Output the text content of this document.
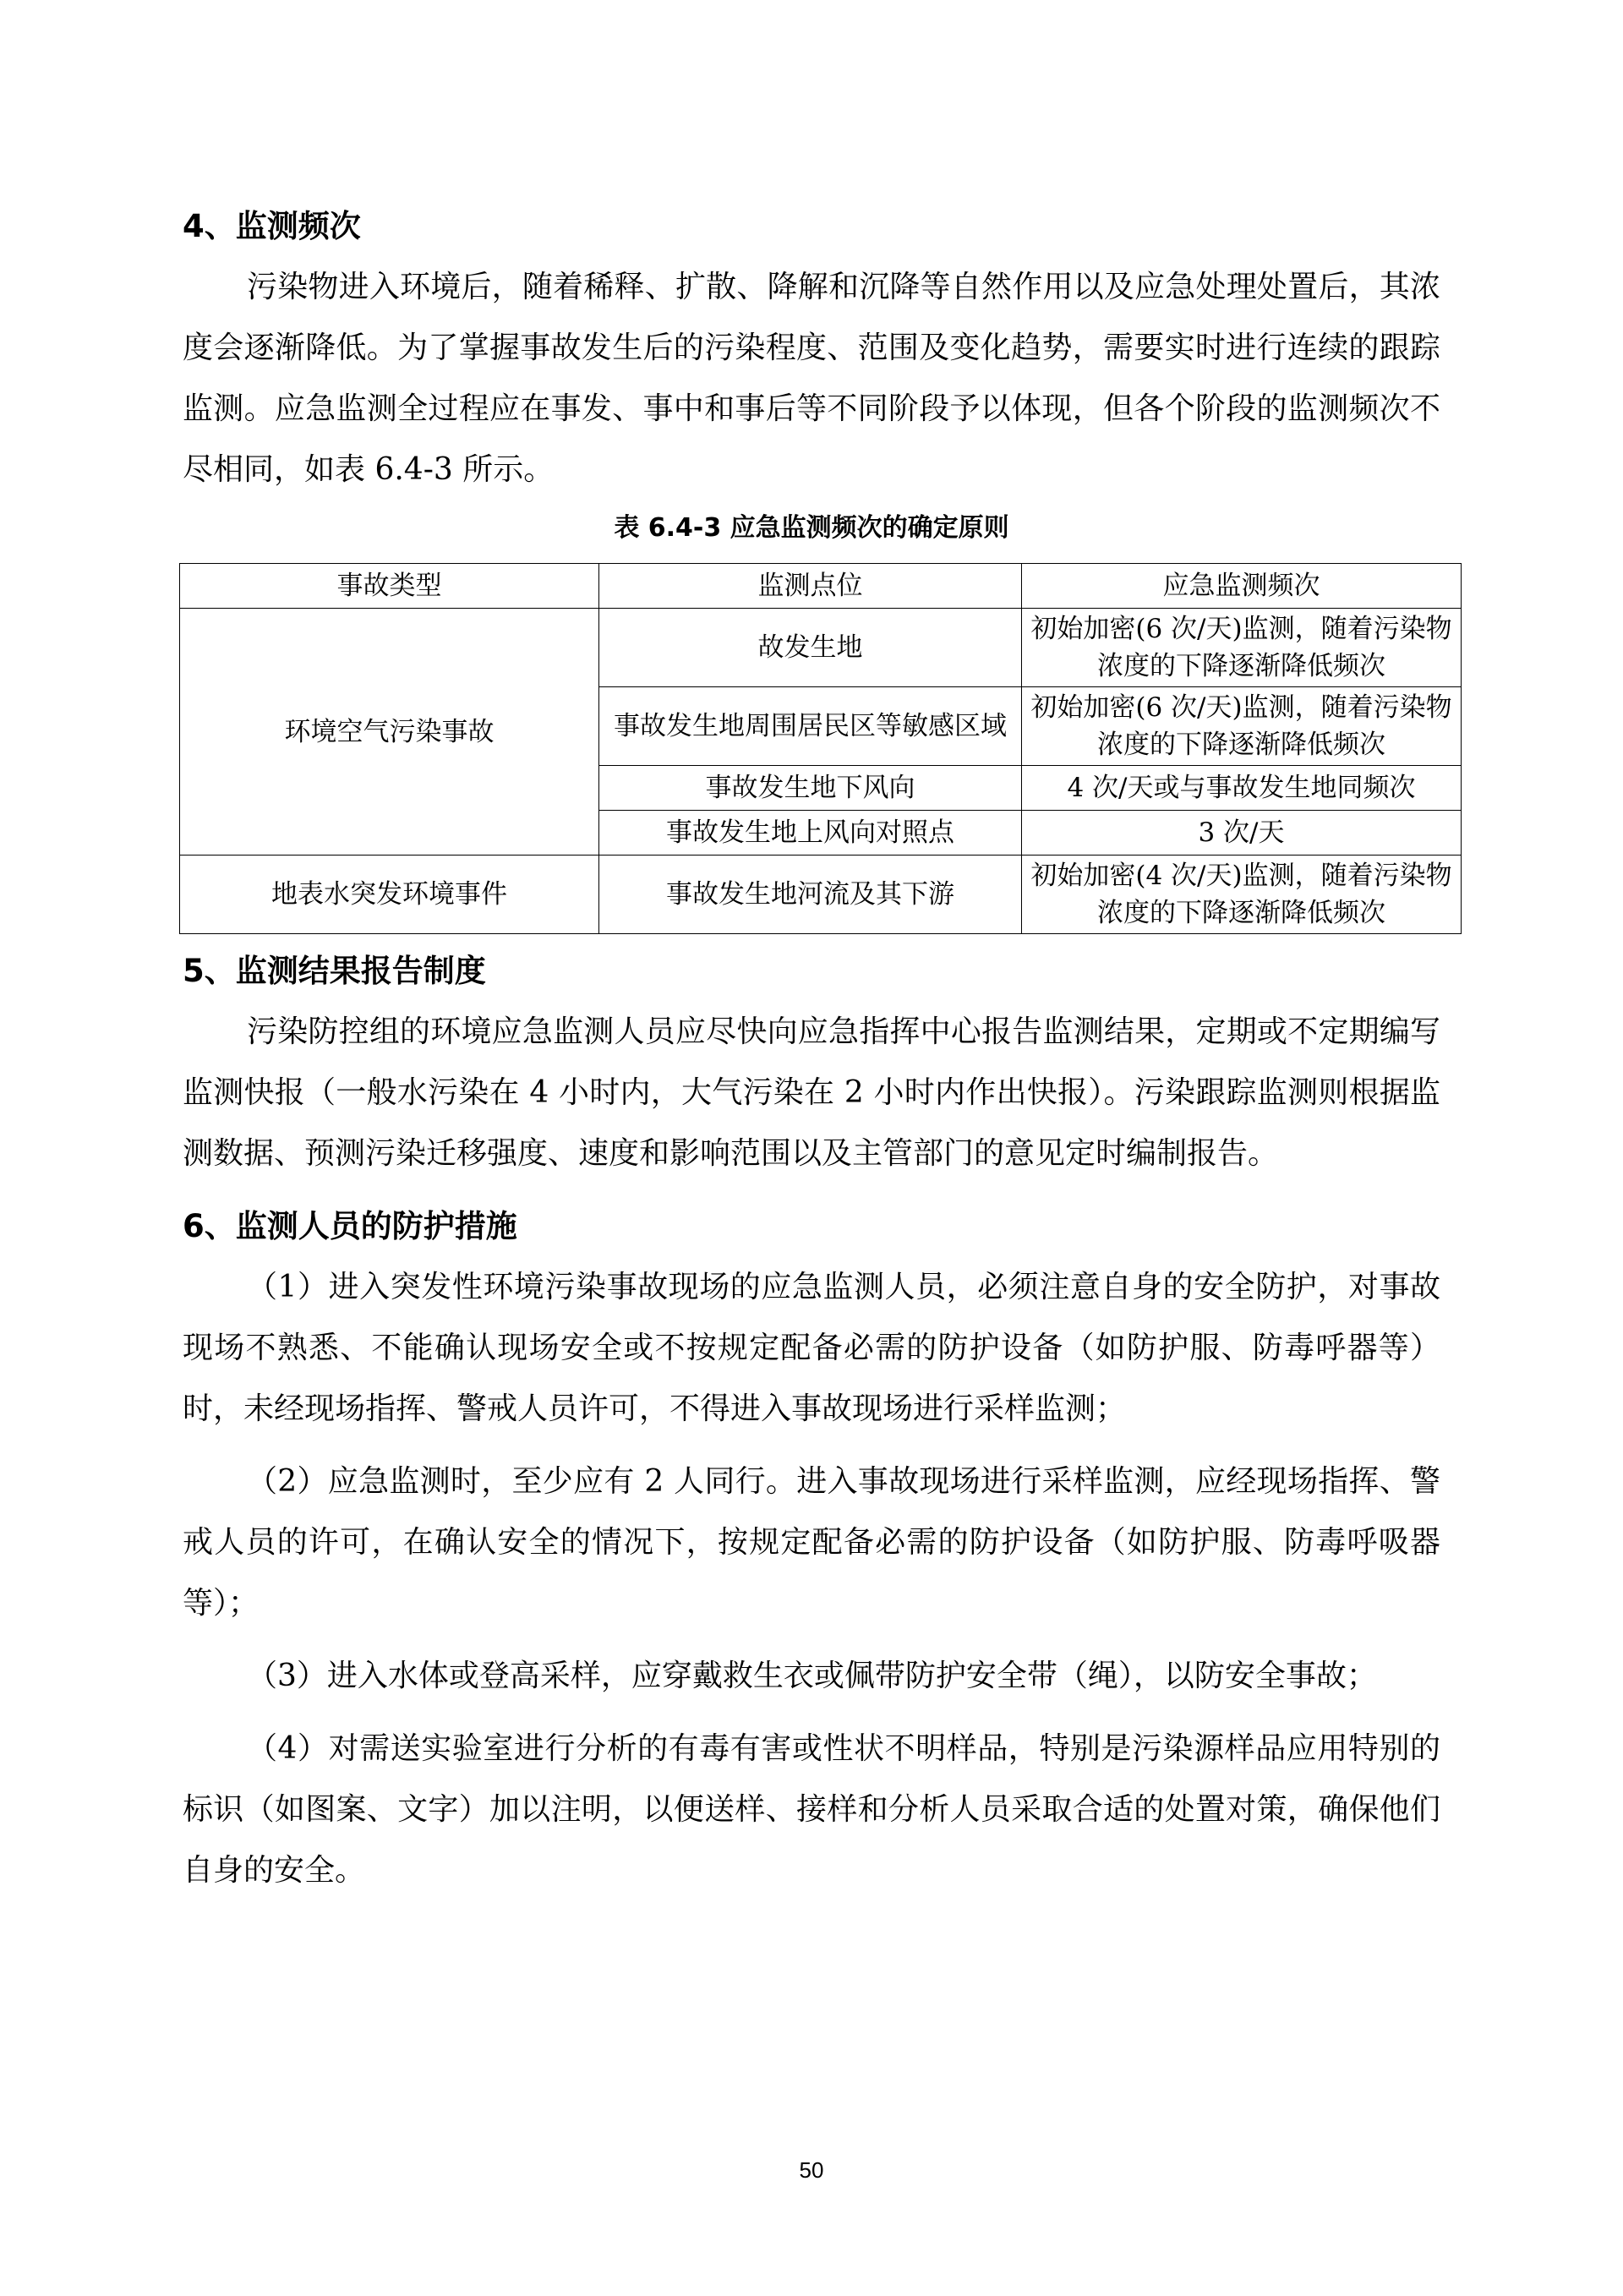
4、监测频次

污染物进入环境后，随着稀释、扩散、降解和沉降等自然作用以及应急处理处置后，其浓度会逐渐降低。为了掌握事故发生后的污染程度、范围及变化趋势，需要实时进行连续的跟踪监测。应急监测全过程应在事发、事中和事后等不同阶段予以体现，但各个阶段的监测频次不尽相同，如表 6.4-3 所示。

表 6.4-3 应急监测频次的确定原则
事故类型	监测点位	应急监测频次
环境空气污染事故	故发生地	初始加密(6 次/天)监测，随着污染物浓度的下降逐渐降低频次
	事故发生地周围居民区等敏感区域	初始加密(6 次/天)监测，随着污染物浓度的下降逐渐降低频次
	事故发生地下风向	4 次/天或与事故发生地同频次
	事故发生地上风向对照点	3 次/天
地表水突发环境事件	事故发生地河流及其下游	初始加密(4 次/天)监测，随着污染物浓度的下降逐渐降低频次
5、监测结果报告制度

污染防控组的环境应急监测人员应尽快向应急指挥中心报告监测结果，定期或不定期编写监测快报（一般水污染在 4 小时内，大气污染在 2 小时内作出快报）。污染跟踪监测则根据监测数据、预测污染迁移强度、速度和影响范围以及主管部门的意见定时编制报告。

6、监测人员的防护措施

（1）进入突发性环境污染事故现场的应急监测人员，必须注意自身的安全防护，对事故现场不熟悉、不能确认现场安全或不按规定配备必需的防护设备（如防护服、防毒呼器等）时，未经现场指挥、警戒人员许可，不得进入事故现场进行采样监测；

（2）应急监测时，至少应有 2 人同行。进入事故现场进行采样监测，应经现场指挥、警戒人员的许可，在确认安全的情况下，按规定配备必需的防护设备（如防护服、防毒呼吸器等）；

（3）进入水体或登高采样，应穿戴救生衣或佩带防护安全带（绳），以防安全事故；

（4）对需送实验室进行分析的有毒有害或性状不明样品，特别是污染源样品应用特别的标识（如图案、文字）加以注明，以便送样、接样和分析人员采取合适的处置对策，确保他们自身的安全。

50
